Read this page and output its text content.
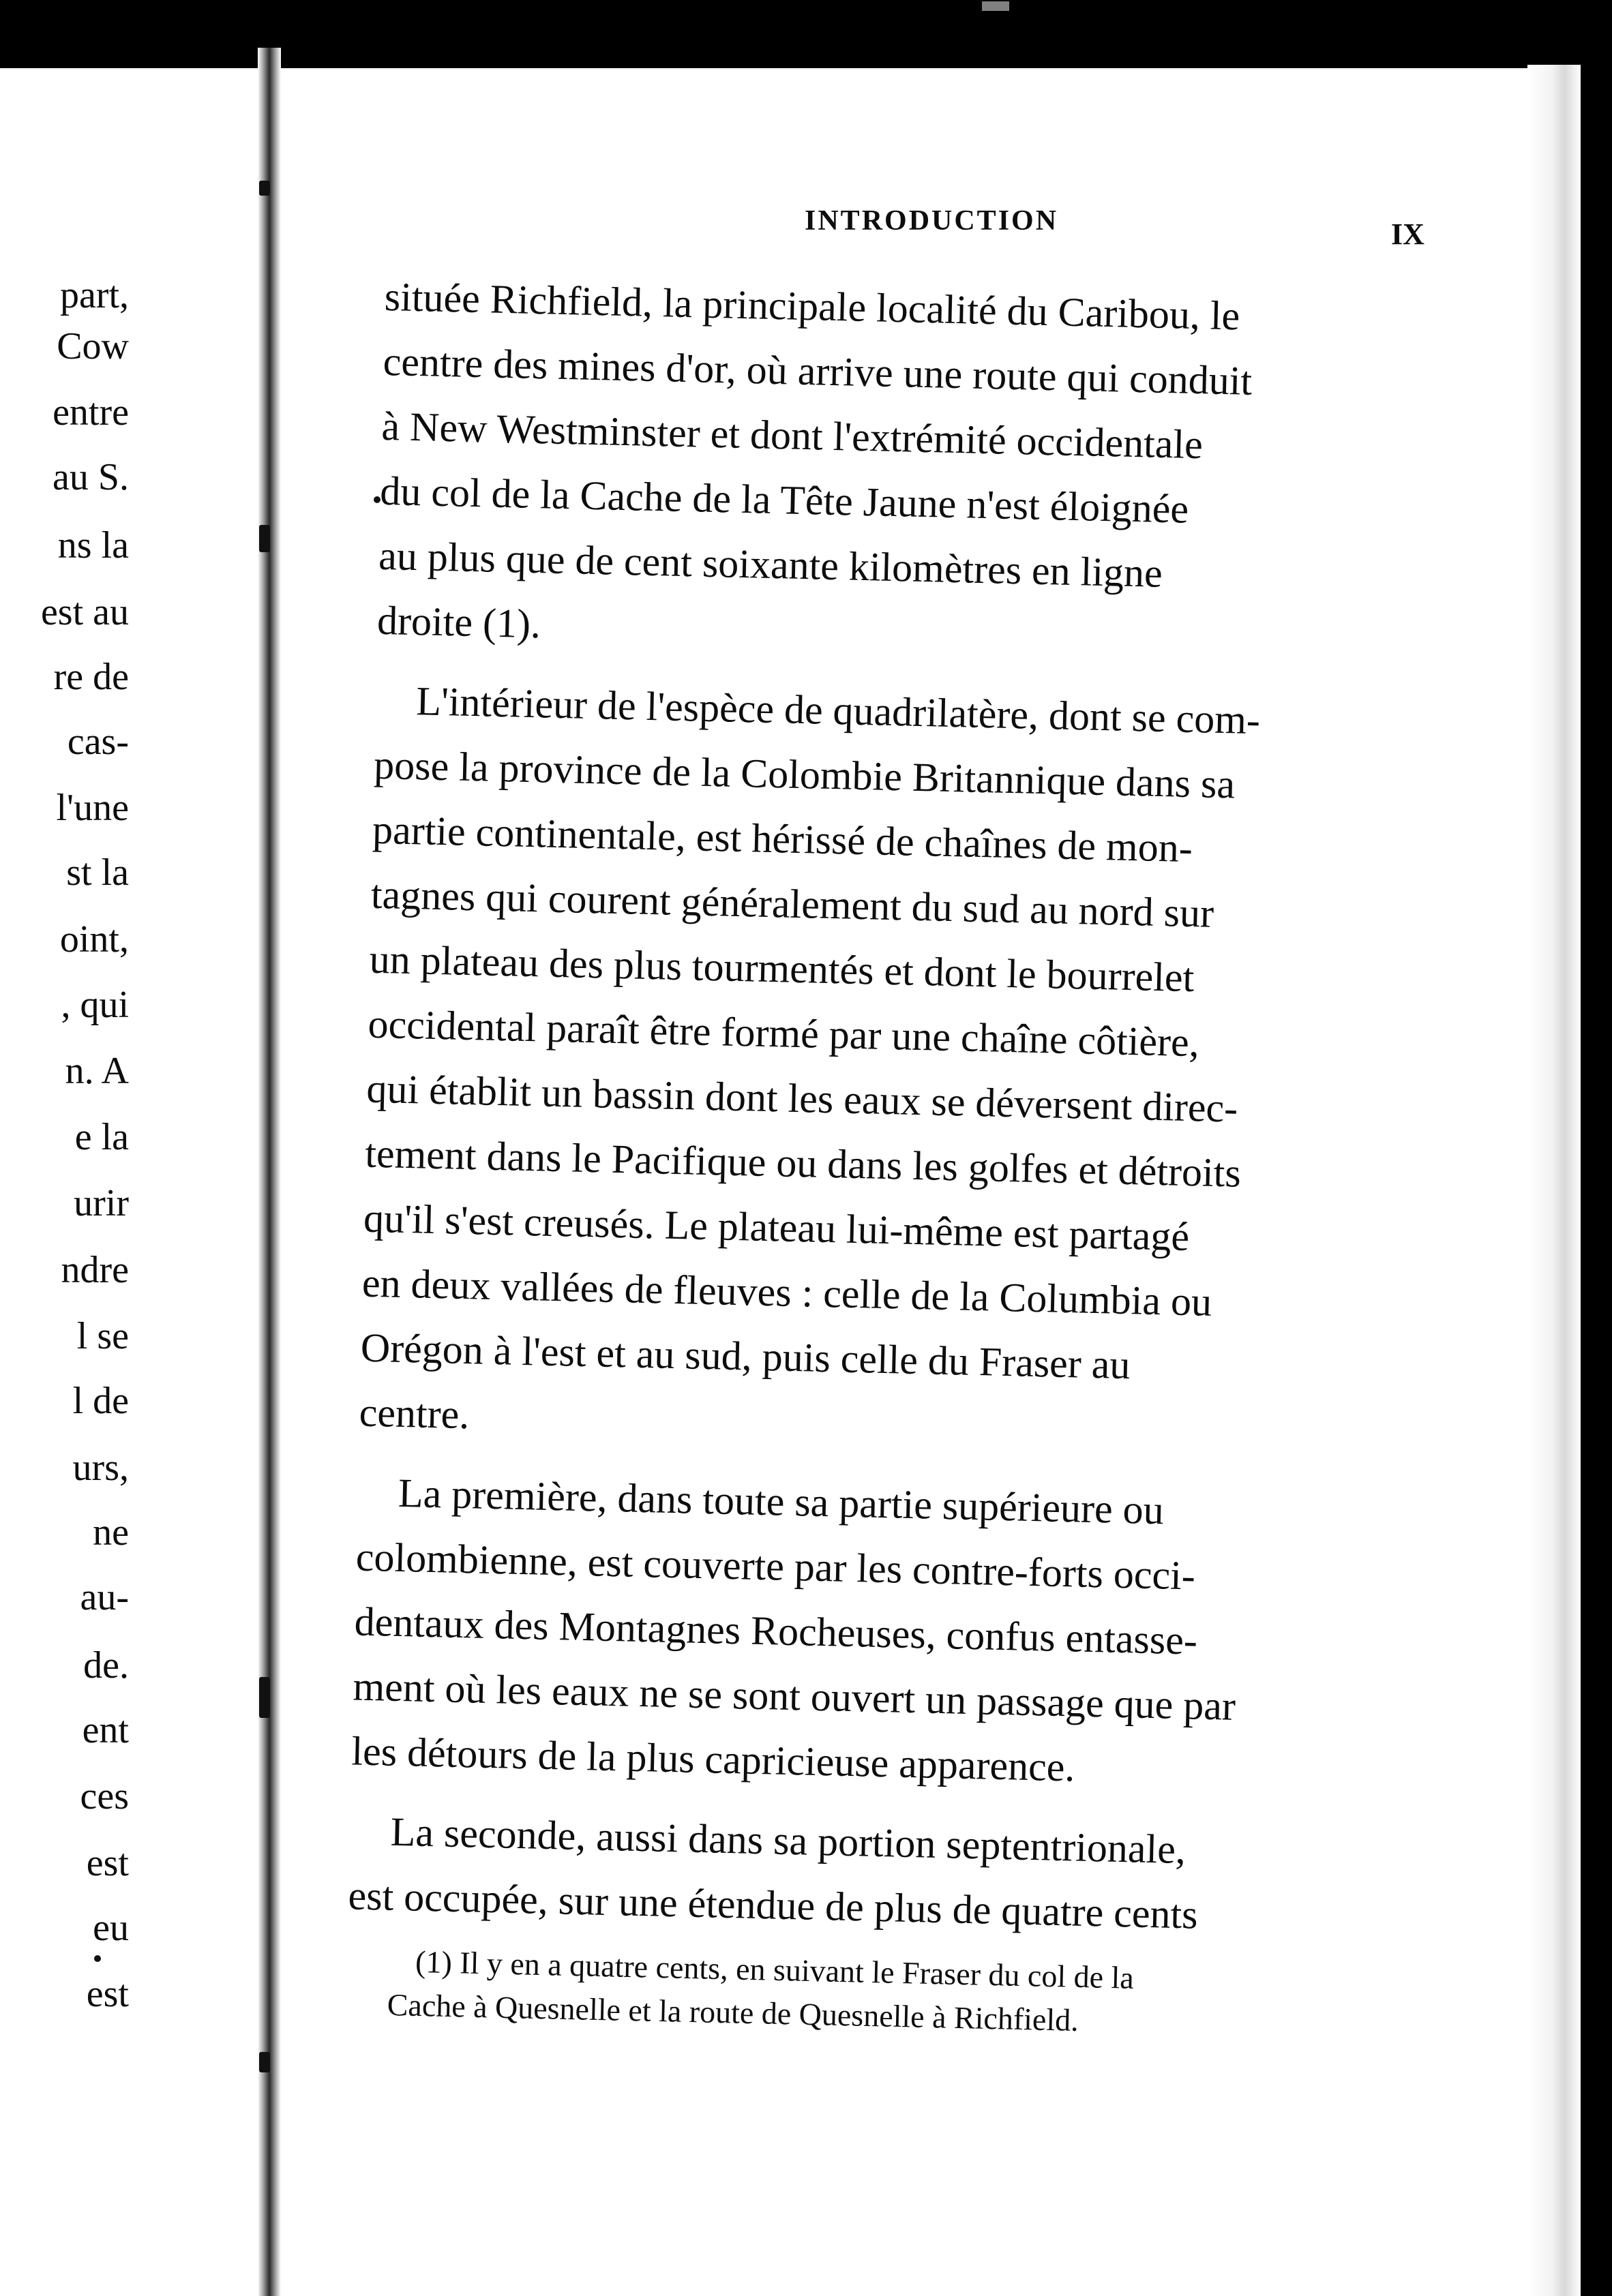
part,
Cow
entre
au S.
ns la
est au
re de
cas-
l'une
st la
oint,
, qui
n. A
e la
urir
ndre
l se
l de
urs,
ne
au-
de.
ent
ces
est
eu
est
INTRODUCTION	IX
située Richfield, la principale localité du Caribou, le
centre des mines d'or, où arrive une route qui conduit
à New Westminster et dont l'extrémité occidentale
du col de la Cache de la Tête Jaune n'est éloignée
au plus que de cent soixante kilomètres en ligne
droite (1).
L'intérieur de l'espèce de quadrilatère, dont se com-
pose la province de la Colombie Britannique dans sa
partie continentale, est hérissé de chaînes de mon-
tagnes qui courent généralement du sud au nord sur
un plateau des plus tourmentés et dont le bourrelet
occidental paraît être formé par une chaîne côtière,
qui établit un bassin dont les eaux se déversent direc-
tement dans le Pacifique ou dans les golfes et détroits
qu'il s'est creusés. Le plateau lui-même est partagé
en deux vallées de fleuves : celle de la Columbia ou
Orégon à l'est et au sud, puis celle du Fraser au
centre.
La première, dans toute sa partie supérieure ou
colombienne, est couverte par les contre-forts occi-
dentaux des Montagnes Rocheuses, confus entasse-
ment où les eaux ne se sont ouvert un passage que par
les détours de la plus capricieuse apparence.
La seconde, aussi dans sa portion septentrionale,
est occupée, sur une étendue de plus de quatre cents
(1) Il y en a quatre cents, en suivant le Fraser du col de la
Cache à Quesnelle et la route de Quesnelle à Richfield.
